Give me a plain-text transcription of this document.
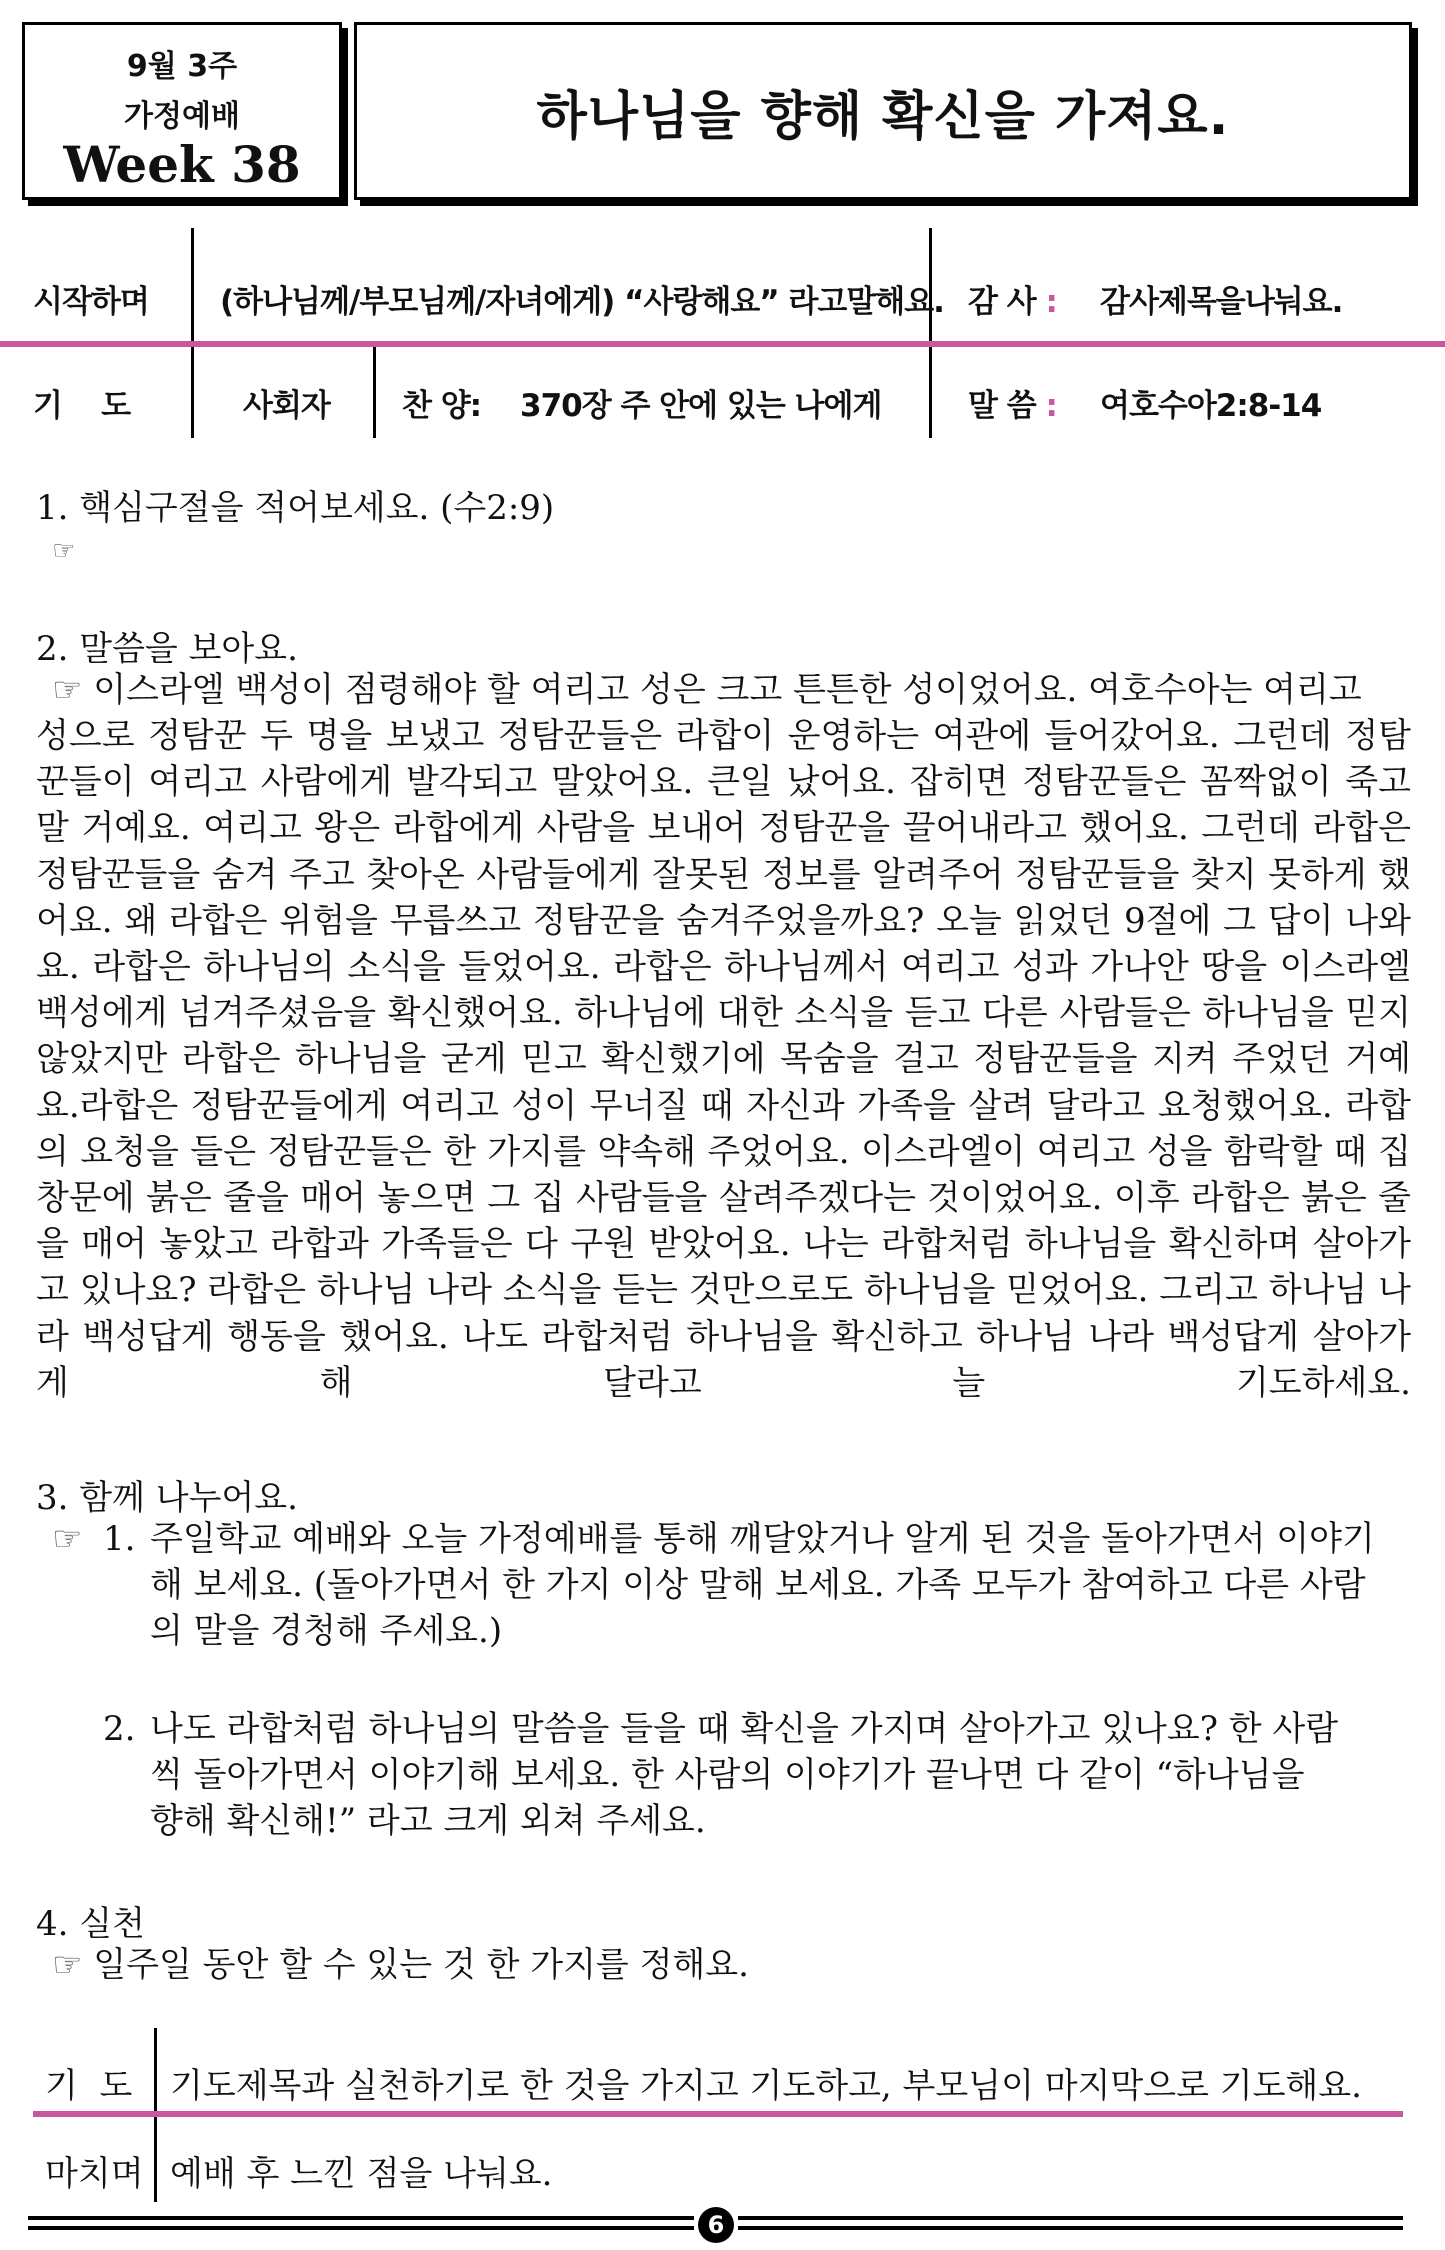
9월 3주
가정예배
Week 38
하나님을 향해 확신을 가져요.
시작하며 (하나님께/부모님께/자녀에게) “사랑해요” 라고말해요. 감 사 : 감사제목을나눠요.
기    도	사회자 찬 양: 370장 주 안에 있는 나에게	말 씀 : 여호수아2:8-14
1. 핵심구절을 적어보세요. (수2:9)
☞
2. 말씀을 보아요.
☞ 이스라엘 백성이 점령해야 할 여리고 성은 크고 튼튼한 성이었어요. 여호수아는 여리고
성으로 정탐꾼 두 명을 보냈고 정탐꾼들은 라합이 운영하는 여관에 들어갔어요. 그런데 정탐꾼들이 여리고 사람에게 발각되고 말았어요. 큰일 났어요. 잡히면 정탐꾼들은 꼼짝없이 죽고 말 거예요. 여리고 왕은 라합에게 사람을 보내어 정탐꾼을 끌어내라고 했어요. 그런데 라합은 정탐꾼들을 숨겨 주고 찾아온 사람들에게 잘못된 정보를 알려주어 정탐꾼들을 찾지 못하게 했어요. 왜 라합은 위험을 무릅쓰고 정탐꾼을 숨겨주었을까요? 오늘 읽었던 9절에 그 답이 나와요. 라합은 하나님의 소식을 들었어요. 라합은 하나님께서 여리고 성과 가나안 땅을 이스라엘 백성에게 넘겨주셨음을 확신했어요. 하나님에 대한 소식을 듣고 다른 사람들은 하나님을 믿지 않았지만 라합은 하나님을 굳게 믿고 확신했기에 목숨을 걸고 정탐꾼들을 지켜 주었던 거예요.라합은 정탐꾼들에게 여리고 성이 무너질 때 자신과 가족을 살려 달라고 요청했어요. 라합의 요청을 들은 정탐꾼들은 한 가지를 약속해 주었어요. 이스라엘이 여리고 성을 함락할 때 집 창문에 붉은 줄을 매어 놓으면 그 집 사람들을 살려주겠다는 것이었어요. 이후 라합은 붉은 줄을 매어 놓았고 라합과 가족들은 다 구원 받았어요. 나는 라합처럼 하나님을 확신하며 살아가고 있나요? 라합은 하나님 나라 소식을 듣는 것만으로도 하나님을 믿었어요. 그리고 하나님 나라 백성답게 행동을 했어요. 나도 라합처럼 하나님을 확신하고 하나님 나라 백성답게 살아가게 해 달라고 늘 기도하세요.
3. 함께 나누어요.
☞ 1. 주일학교 예배와 오늘 가정예배를 통해 깨달았거나 알게 된 것을 돌아가면서 이야기해 보세요. (돌아가면서 한 가지 이상 말해 보세요. 가족 모두가 참여하고 다른 사람의 말을 경청해 주세요.)
2. 나도 라합처럼 하나님의 말씀을 들을 때 확신을 가지며 살아가고 있나요? 한 사람씩 돌아가면서 이야기해 보세요. 한 사람의 이야기가 끝나면 다 같이 “하나님을 향해 확신해!” 라고 크게 외쳐 주세요.
4. 실천
☞ 일주일 동안 할 수 있는 것 한 가지를 정해요.
기  도 기도제목과 실천하기로 한 것을 가지고 기도하고, 부모님이 마지막으로 기도해요.
마치며 예배 후 느낀 점을 나눠요.
6
